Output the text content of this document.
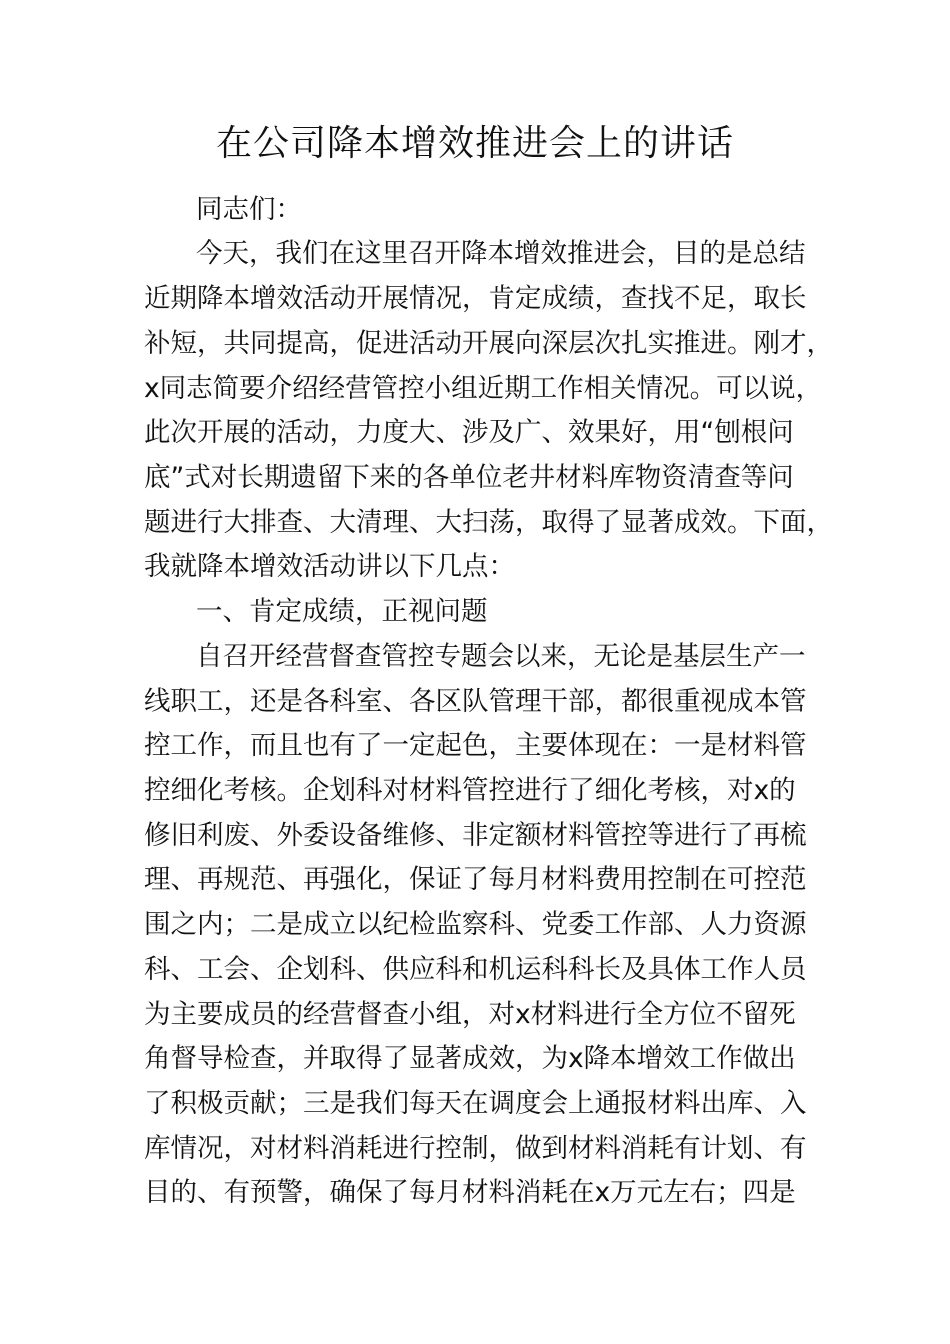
在公司降本增效推进会上的讲话
同志们：
今天，我们在这里召开降本增效推进会，目的是总结
近期降本增效活动开展情况，肯定成绩，查找不足，取长
补短，共同提高，促进活动开展向深层次扎实推进。刚才，
x同志简要介绍经营管控小组近期工作相关情况。可以说，
此次开展的活动，力度大、涉及广、效果好，用“刨根问
底”式对长期遗留下来的各单位老井材料库物资清查等问
题进行大排查、大清理、大扫荡，取得了显著成效。下面，
我就降本增效活动讲以下几点：
一、肯定成绩，正视问题
自召开经营督查管控专题会以来，无论是基层生产一
线职工，还是各科室、各区队管理干部，都很重视成本管
控工作，而且也有了一定起色，主要体现在：一是材料管
控细化考核。企划科对材料管控进行了细化考核，对x的
修旧利废、外委设备维修、非定额材料管控等进行了再梳
理、再规范、再强化，保证了每月材料费用控制在可控范
围之内；二是成立以纪检监察科、党委工作部、人力资源
科、工会、企划科、供应科和机运科科长及具体工作人员
为主要成员的经营督查小组，对x材料进行全方位不留死
角督导检查，并取得了显著成效，为x降本增效工作做出
了积极贡献；三是我们每天在调度会上通报材料出库、入
库情况，对材料消耗进行控制，做到材料消耗有计划、有
目的、有预警，确保了每月材料消耗在x万元左右；四是
